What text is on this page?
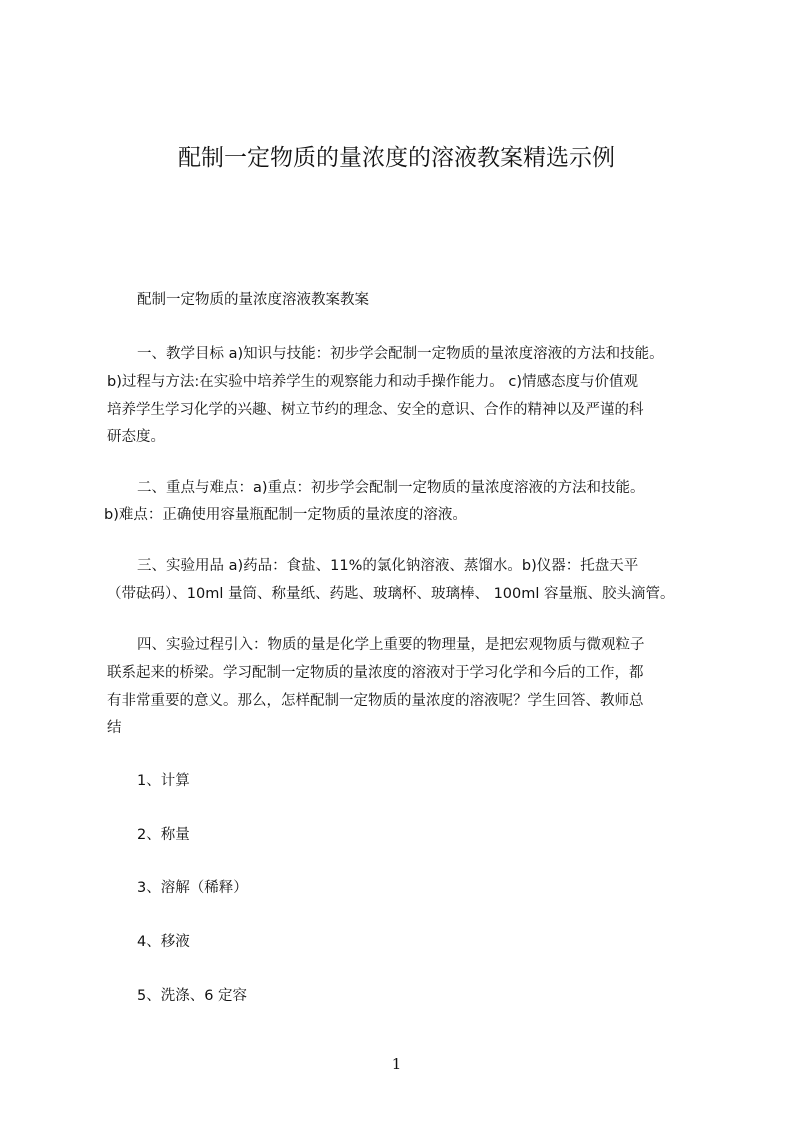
配制一定物质的量浓度的溶液教案精选示例

配制一定物质的量浓度溶液教案教案

一、教学目标 a)知识与技能：初步学会配制一定物质的量浓度溶液的方法和技能。

b)过程与方法:在实验中培养学生的观察能力和动手操作能力。 c)情感态度与价值观

培养学生学习化学的兴趣、树立节约的理念、安全的意识、合作的精神以及严谨的科

研态度。

二、重点与难点：a)重点：初步学会配制一定物质的量浓度溶液的方法和技能。

b)难点：正确使用容量瓶配制一定物质的量浓度的溶液。

三、实验用品 a)药品：食盐、11%的氯化钠溶液、蒸馏水。b)仪器：托盘天平

（带砝码）、10ml 量筒、称量纸、药匙、玻璃杯、玻璃棒、 100ml 容量瓶、胶头滴管。

四、实验过程引入：物质的量是化学上重要的物理量，是把宏观物质与微观粒子

联系起来的桥梁。学习配制一定物质的量浓度的溶液对于学习化学和今后的工作，都

有非常重要的意义。那么，怎样配制一定物质的量浓度的溶液呢？学生回答、教师总

结

1、计算

2、称量

3、溶解（稀释）

4、移液

5、洗涤、6 定容

1
